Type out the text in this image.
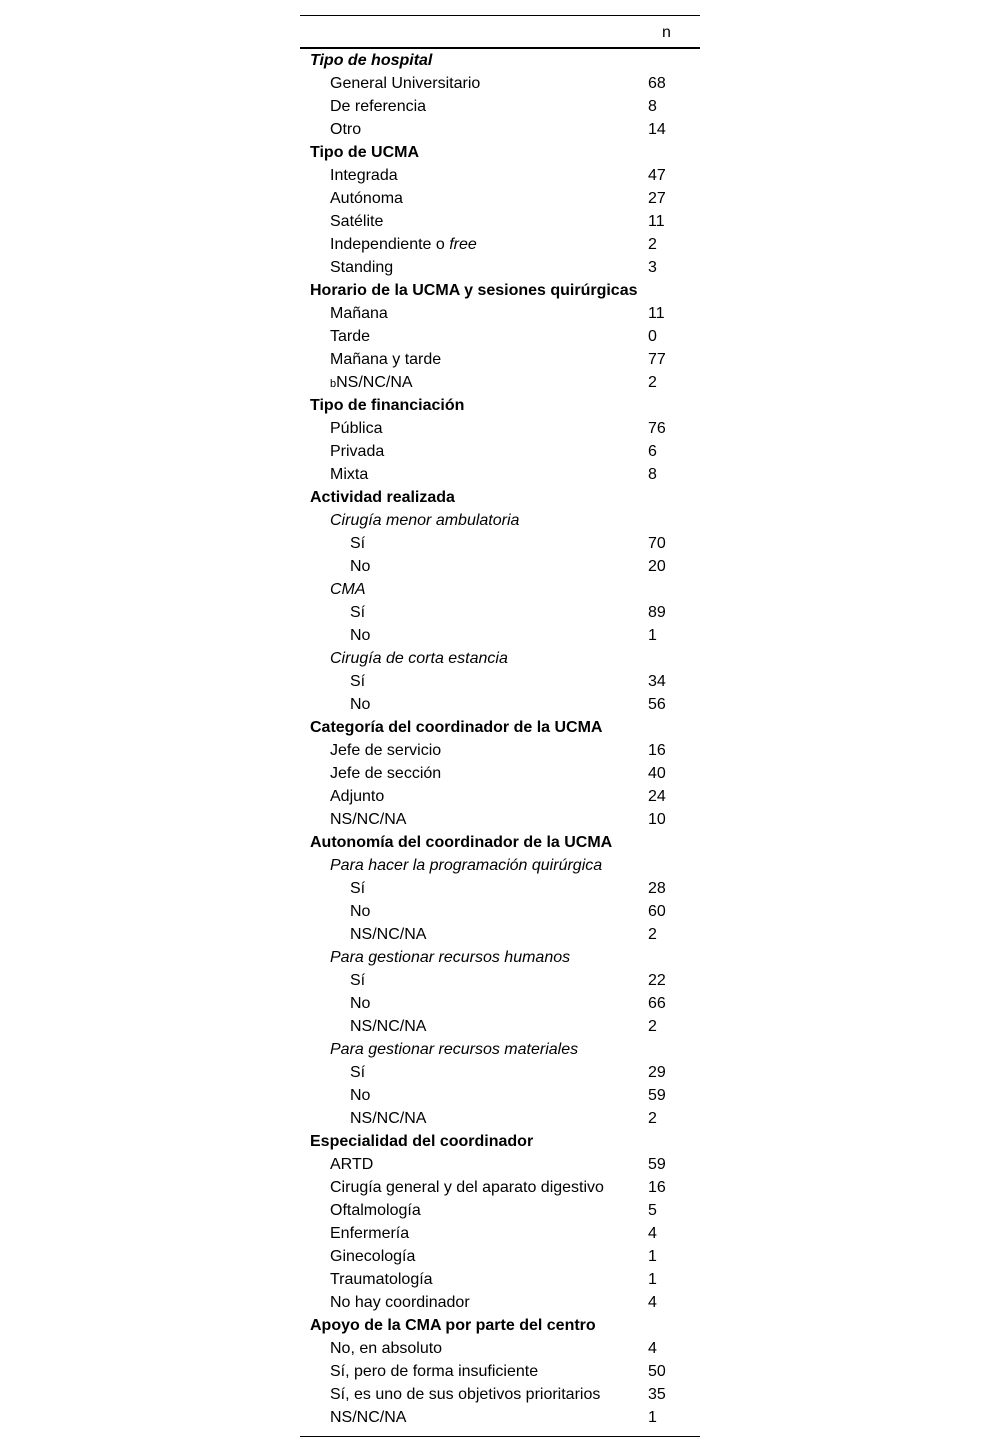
n
Tipo de hospital
General Universitario	68
De referencia	8
Otro	14
Tipo de UCMA
Integrada	47
Autónoma	27
Satélite	11
Independiente o free	2
Standing	3
Horario de la UCMA y sesiones quirúrgicas
Mañana	11
Tarde	0
Mañana y tarde	77
bNS/NC/NA	2
Tipo de financiación
Pública	76
Privada	6
Mixta	8
Actividad realizada
Cirugía menor ambulatoria
Sí	70
No	20
CMA
Sí	89
No	1
Cirugía de corta estancia
Sí	34
No	56
Categoría del coordinador de la UCMA
Jefe de servicio	16
Jefe de sección	40
Adjunto	24
NS/NC/NA	10
Autonomía del coordinador de la UCMA
Para hacer la programación quirúrgica
Sí	28
No	60
NS/NC/NA	2
Para gestionar recursos humanos
Sí	22
No	66
NS/NC/NA	2
Para gestionar recursos materiales
Sí	29
No	59
NS/NC/NA	2
Especialidad del coordinador
ARTD	59
Cirugía general y del aparato digestivo	16
Oftalmología	5
Enfermería	4
Ginecología	1
Traumatología	1
No hay coordinador	4
Apoyo de la CMA por parte del centro
No, en absoluto	4
Sí, pero de forma insuficiente	50
Sí, es uno de sus objetivos prioritarios	35
NS/NC/NA	1
